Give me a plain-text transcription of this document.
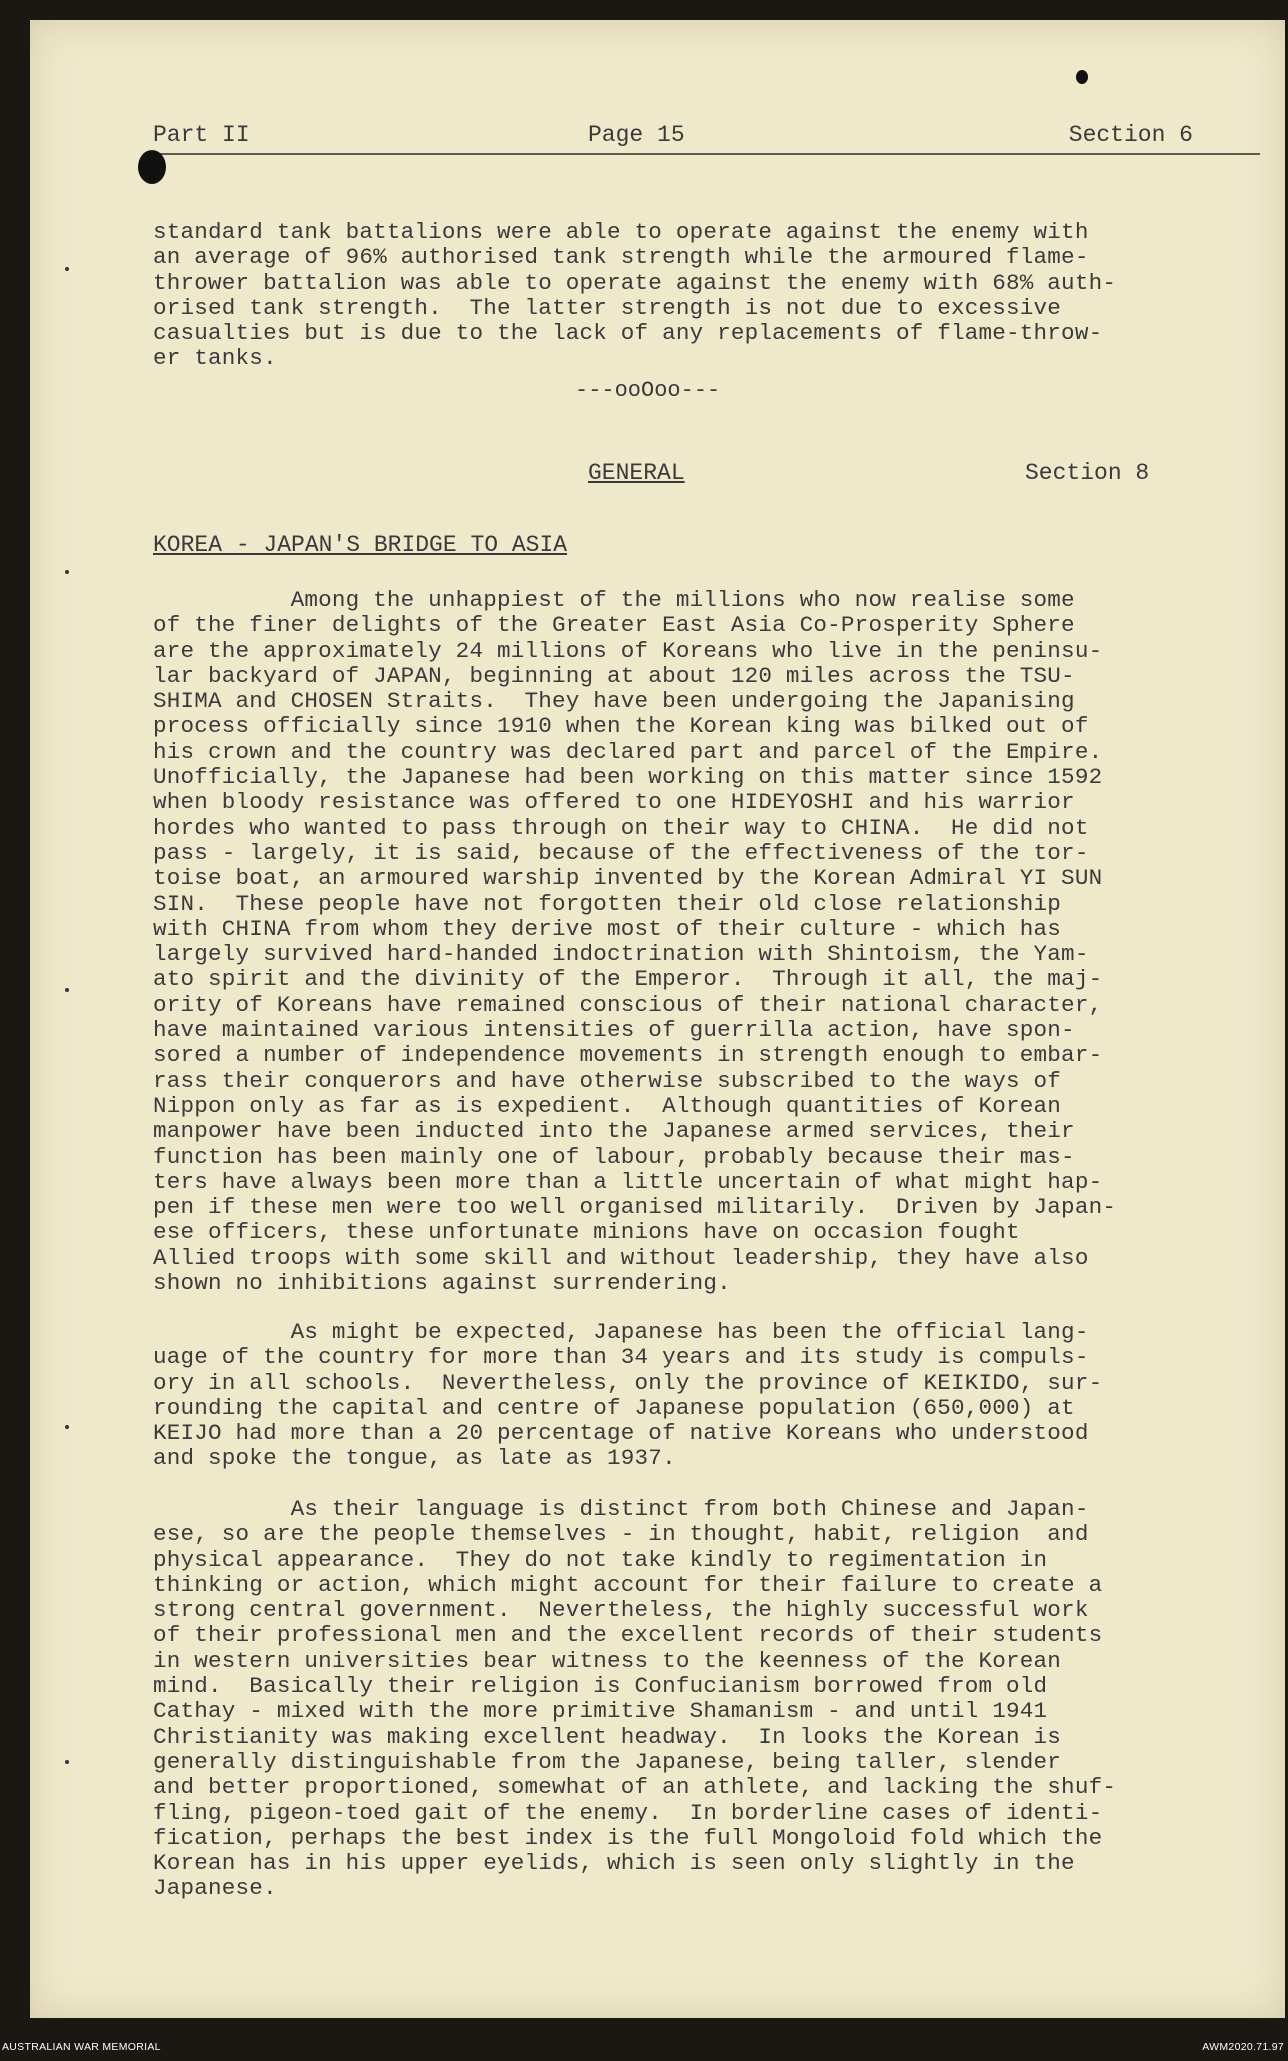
Part II	Page 15	Section 6
standard tank battalions were able to operate against the enemy with
an average of 96% authorised tank strength while the armoured flame-
thrower battalion was able to operate against the enemy with 68% auth-
orised tank strength.  The latter strength is not due to excessive
casualties but is due to the lack of any replacements of flame-throw-
er tanks.
---ooOoo---
GENERAL	Section 8
KOREA - JAPAN'S BRIDGE TO ASIA
Among the unhappiest of the millions who now realise some
of the finer delights of the Greater East Asia Co-Prosperity Sphere
are the approximately 24 millions of Koreans who live in the peninsu-
lar backyard of JAPAN, beginning at about 120 miles across the TSU-
SHIMA and CHOSEN Straits.  They have been undergoing the Japanising
process officially since 1910 when the Korean king was bilked out of
his crown and the country was declared part and parcel of the Empire.
Unofficially, the Japanese had been working on this matter since 1592
when bloody resistance was offered to one HIDEYOSHI and his warrior
hordes who wanted to pass through on their way to CHINA.  He did not
pass - largely, it is said, because of the effectiveness of the tor-
toise boat, an armoured warship invented by the Korean Admiral YI SUN
SIN.  These people have not forgotten their old close relationship
with CHINA from whom they derive most of their culture - which has
largely survived hard-handed indoctrination with Shintoism, the Yam-
ato spirit and the divinity of the Emperor.  Through it all, the maj-
ority of Koreans have remained conscious of their national character,
have maintained various intensities of guerrilla action, have spon-
sored a number of independence movements in strength enough to embar-
rass their conquerors and have otherwise subscribed to the ways of
Nippon only as far as is expedient.  Although quantities of Korean
manpower have been inducted into the Japanese armed services, their
function has been mainly one of labour, probably because their mas-
ters have always been more than a little uncertain of what might hap-
pen if these men were too well organised militarily.  Driven by Japan-
ese officers, these unfortunate minions have on occasion fought
Allied troops with some skill and without leadership, they have also
shown no inhibitions against surrendering.
As might be expected, Japanese has been the official lang-
uage of the country for more than 34 years and its study is compuls-
ory in all schools.  Nevertheless, only the province of KEIKIDO, sur-
rounding the capital and centre of Japanese population (650,000) at
KEIJO had more than a 20 percentage of native Koreans who understood
and spoke the tongue, as late as 1937.
As their language is distinct from both Chinese and Japan-
ese, so are the people themselves - in thought, habit, religion  and
physical appearance.  They do not take kindly to regimentation in
thinking or action, which might account for their failure to create a
strong central government.  Nevertheless, the highly successful work
of their professional men and the excellent records of their students
in western universities bear witness to the keenness of the Korean
mind.  Basically their religion is Confucianism borrowed from old
Cathay - mixed with the more primitive Shamanism - and until 1941
Christianity was making excellent headway.  In looks the Korean is
generally distinguishable from the Japanese, being taller, slender
and better proportioned, somewhat of an athlete, and lacking the shuf-
fling, pigeon-toed gait of the enemy.  In borderline cases of identi-
fication, perhaps the best index is the full Mongoloid fold which the
Korean has in his upper eyelids, which is seen only slightly in the
Japanese.
AUSTRALIAN WAR MEMORIAL	AWM2020.71.97
